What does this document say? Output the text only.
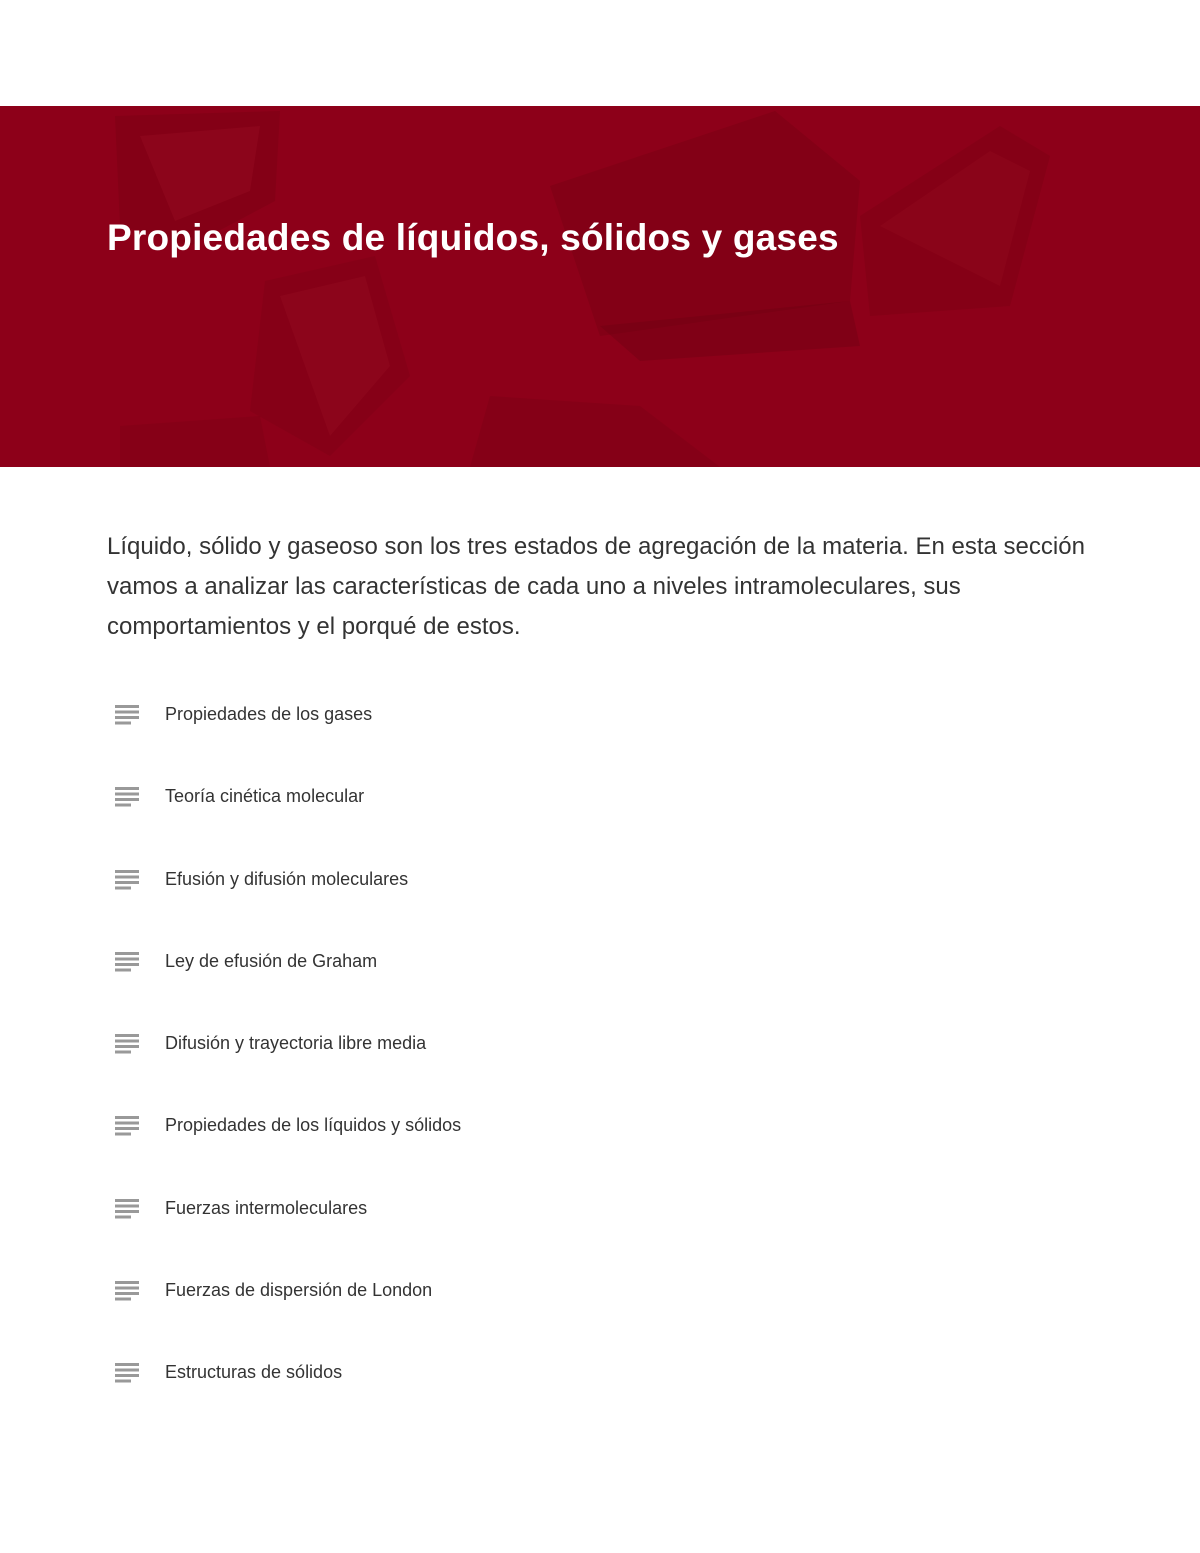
Propiedades de líquidos, sólidos y gases

Líquido, sólido y gaseoso son los tres estados de agregación de la materia. En esta sección vamos a analizar las características de cada uno a niveles intramoleculares, sus comportamientos y el porqué de estos.

Propiedades de los gases
Teoría cinética molecular
Efusión y difusión moleculares
Ley de efusión de Graham
Difusión y trayectoria libre media
Propiedades de los líquidos y sólidos
Fuerzas intermoleculares
Fuerzas de dispersión de London
Estructuras de sólidos
